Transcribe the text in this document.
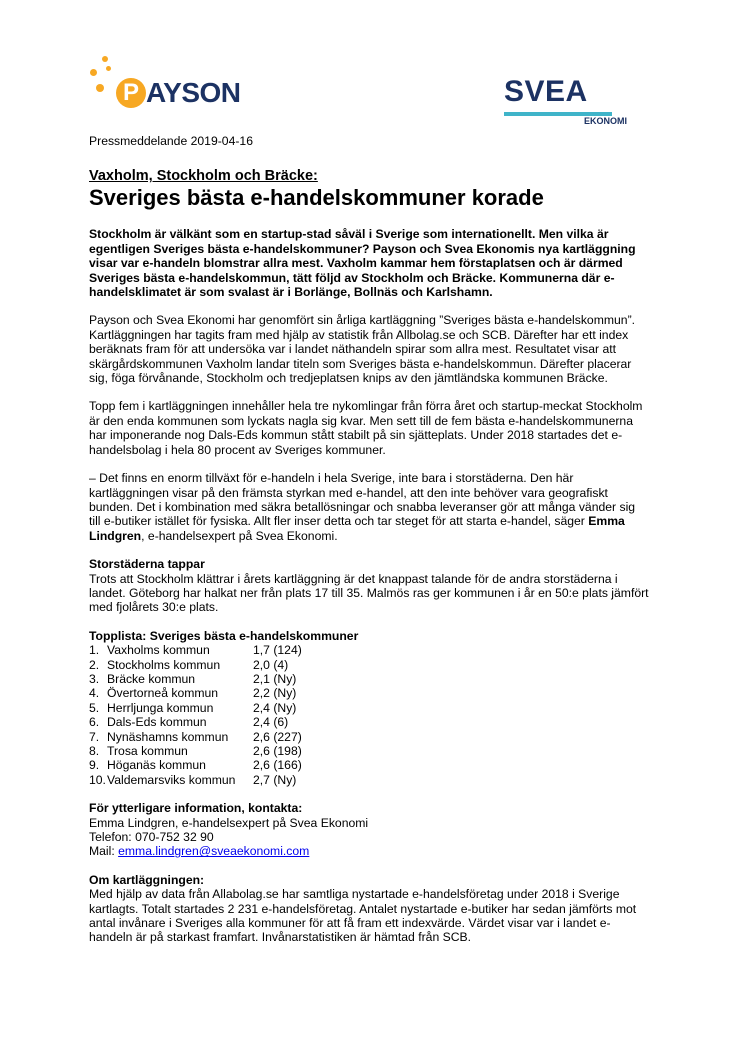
P AYSON	SVEA
EKONOMI

Pressmeddelande 2019-04-16

Vaxholm, Stockholm och Bräcke:

Sveriges bästa e-handelskommuner korade

Stockholm är välkänt som en startup-stad såväl i Sverige som internationellt. Men vilka är egentligen Sveriges bästa e-handelskommuner? Payson och Svea Ekonomis nya kartläggning visar var e-handeln blomstrar allra mest. Vaxholm kammar hem förstaplatsen och är därmed Sveriges bästa e-handelskommun, tätt följd av Stockholm och Bräcke. Kommunerna där e-handelsklimatet är som svalast är i Borlänge, Bollnäs och Karlshamn.

Payson och Svea Ekonomi har genomfört sin årliga kartläggning ”Sveriges bästa e-handelskommun”. Kartläggningen har tagits fram med hjälp av statistik från Allbolag.se och SCB. Därefter har ett index beräknats fram för att undersöka var i landet näthandeln spirar som allra mest. Resultatet visar att skärgårdskommunen Vaxholm landar titeln som Sveriges bästa e-handelskommun. Därefter placerar sig, föga förvånande, Stockholm och tredjeplatsen knips av den jämtländska kommunen Bräcke.

Topp fem i kartläggningen innehåller hela tre nykomlingar från förra året och startup-meckat Stockholm är den enda kommunen som lyckats nagla sig kvar. Men sett till de fem bästa e-handelskommunerna har imponerande nog Dals-Eds kommun stått stabilt på sin sjätteplats. Under 2018 startades det e-handelsbolag i hela 80 procent av Sveriges kommuner.

– Det finns en enorm tillväxt för e-handeln i hela Sverige, inte bara i storstäderna. Den här kartläggningen visar på den främsta styrkan med e-handel, att den inte behöver vara geografiskt bunden. Det i kombination med säkra betallösningar och snabba leveranser gör att många vänder sig till e-butiker istället för fysiska. Allt fler inser detta och tar steget för att starta e-handel, säger Emma Lindgren, e-handelsexpert på Svea Ekonomi.

Storstäderna tappar

Trots att Stockholm klättrar i årets kartläggning är det knappast talande för de andra storstäderna i landet. Göteborg har halkat ner från plats 17 till 35. Malmös ras ger kommunen i år en 50:e plats jämfört med fjolårets 30:e plats.

Topplista: Sveriges bästa e-handelskommuner

1. Vaxholms kommun	1,7 (124)
2. Stockholms kommun	2,0 (4)
3. Bräcke kommun	2,1 (Ny)
4. Övertorneå kommun	2,2 (Ny)
5. Herrljunga kommun	2,4 (Ny)
6. Dals-Eds kommun	2,4 (6)
7. Nynäshamns kommun	2,6 (227)
8. Trosa kommun	2,6 (198)
9. Höganäs kommun	2,6 (166)
10. Valdemarsviks kommun	2,7 (Ny)

För ytterligare information, kontakta:

Emma Lindgren, e-handelsexpert på Svea Ekonomi
Telefon: 070-752 32 90
Mail: emma.lindgren@sveaekonomi.com

Om kartläggningen:

Med hjälp av data från Allabolag.se har samtliga nystartade e-handelsföretag under 2018 i Sverige kartlagts. Totalt startades 2 231 e-handelsföretag. Antalet nystartade e-butiker har sedan jämförts mot antal invånare i Sveriges alla kommuner för att få fram ett indexvärde. Värdet visar var i landet e-handeln är på starkast framfart. Invånarstatistiken är hämtad från SCB.
